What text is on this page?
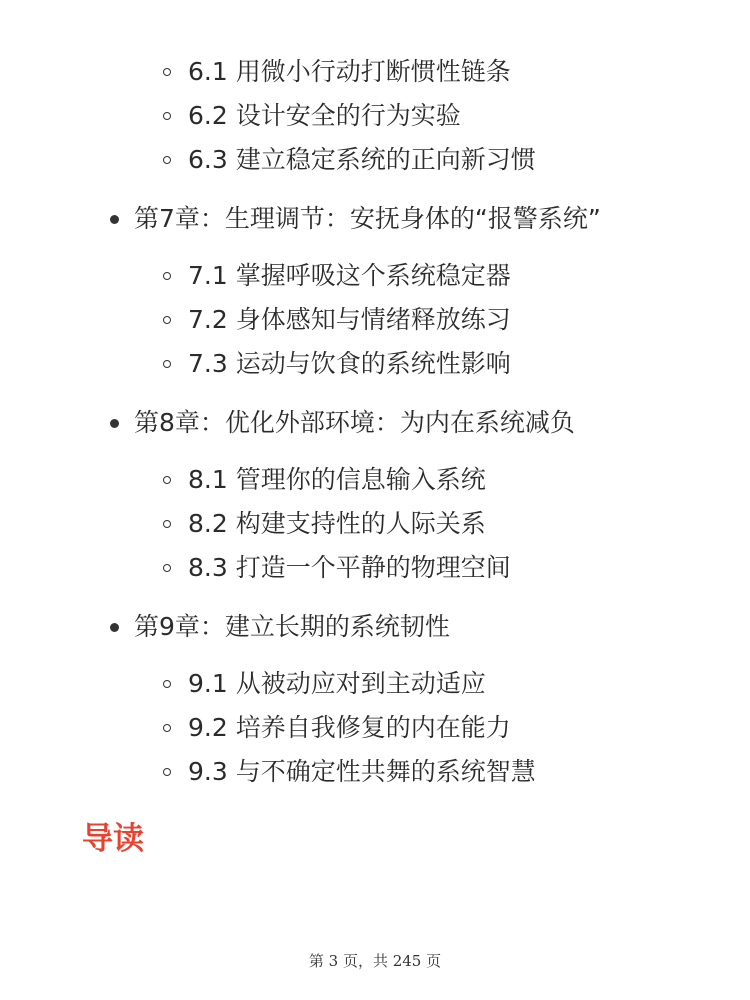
6.1 用微小行动打断惯性链条
6.2 设计安全的行为实验
6.3 建立稳定系统的正向新习惯
第7章：生理调节：安抚身体的“报警系统”
7.1 掌握呼吸这个系统稳定器
7.2 身体感知与情绪释放练习
7.3 运动与饮食的系统性影响
第8章：优化外部环境：为内在系统减负
8.1 管理你的信息输入系统
8.2 构建支持性的人际关系
8.3 打造一个平静的物理空间
第9章：建立长期的系统韧性
9.1 从被动应对到主动适应
9.2 培养自我修复的内在能力
9.3 与不确定性共舞的系统智慧
导读
第 3 页，共 245 页
